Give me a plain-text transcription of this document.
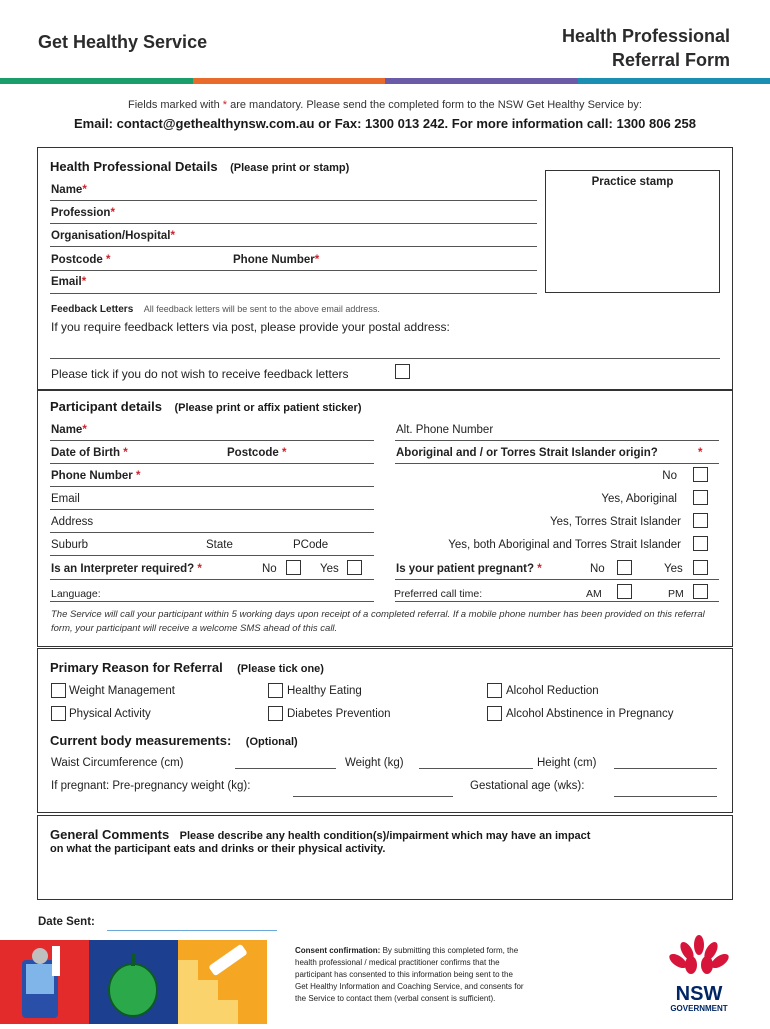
Get Healthy Service	Health Professional
Referral Form
Fields marked with * are mandatory. Please send the completed form to the NSW Get Healthy Service by:
Email: contact@gethealthynsw.com.au or Fax: 1300 013 242. For more information call: 1300 806 258
Health Professional Details (Please print or stamp)
Practice stamp
Name*
Profession*
Organisation/Hospital*
Postcode *	Phone Number*
Email*
Feedback Letters All feedback letters will be sent to the above email address.
If you require feedback letters via post, please provide your postal address:
Please tick if you do not wish to receive feedback letters
Participant details (Please print or affix patient sticker)
Name*
Date of Birth *	Postcode *
Phone Number *
Email
Address
Suburb	State	PCode
Is an Interpreter required? *	No	Yes
Language:
Alt. Phone Number
Aboriginal and / or Torres Strait Islander origin?	*
No
Yes, Aboriginal
Yes, Torres Strait Islander
Yes, both Aboriginal and Torres Strait Islander
Is your patient pregnant? *	No	Yes
Preferred call time:	AM	PM
The Service will call your participant within 5 working days upon receipt of a completed referral. If a mobile phone number has been provided on this referral form, your participant will receive a welcome SMS ahead of this call.
Primary Reason for Referral (Please tick one)
Weight Management
Physical Activity
Healthy Eating
Diabetes Prevention
Alcohol Reduction
Alcohol Abstinence in Pregnancy
Current body measurements: (Optional)
Waist Circumference (cm)	Weight (kg)	Height (cm)
If pregnant: Pre-pregnancy weight (kg):	Gestational age (wks):
General Comments Please describe any health condition(s)/impairment which may have an impact
on what the participant eats and drinks or their physical activity.
Date Sent:
Consent confirmation: By submitting this completed form, the
health professional / medical practitioner confirms that the
participant has consented to this information being sent to the
Get Healthy Information and Coaching Service, and consents for
the Service to contact them (verbal consent is sufficient).	NSW
GOVERNMENT
